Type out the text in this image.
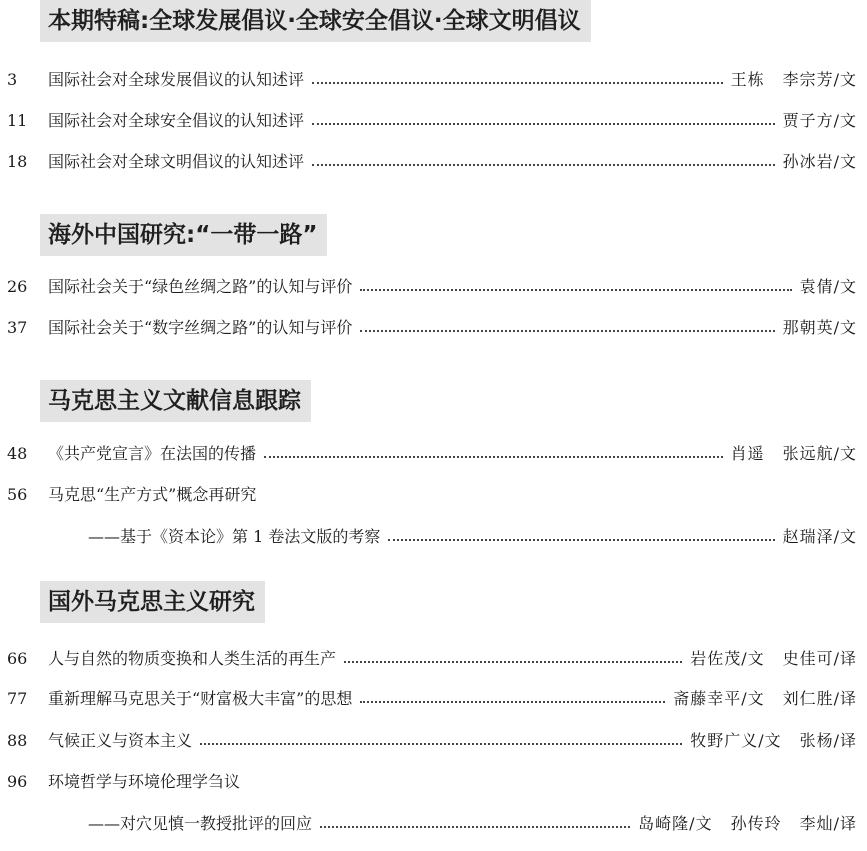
本期特稿:全球发展倡议·全球安全倡议·全球文明倡议
3	国际社会对全球发展倡议的认知述评	王栋 李宗芳/文
11	国际社会对全球安全倡议的认知述评	贾子方/文
18	国际社会对全球文明倡议的认知述评	孙冰岩/文
海外中国研究:“一带一路”
26	国际社会关于“绿色丝绸之路”的认知与评价	袁倩/文
37	国际社会关于“数字丝绸之路”的认知与评价	那朝英/文
马克思主义文献信息跟踪
48	《共产党宣言》在法国的传播	肖遥 张远航/文
56	马克思“生产方式”概念再研究
——基于《资本论》第 1 卷法文版的考察	赵瑞泽/文
国外马克思主义研究
66	人与自然的物质变换和人类生活的再生产	岩佐茂/文 史佳可/译
77	重新理解马克思关于“财富极大丰富”的思想	斋藤幸平/文 刘仁胜/译
88	气候正义与资本主义	牧野广义/文 张杨/译
96	环境哲学与环境伦理学刍议
——对穴见慎一教授批评的回应	岛崎隆/文 孙传玲 李灿/译
